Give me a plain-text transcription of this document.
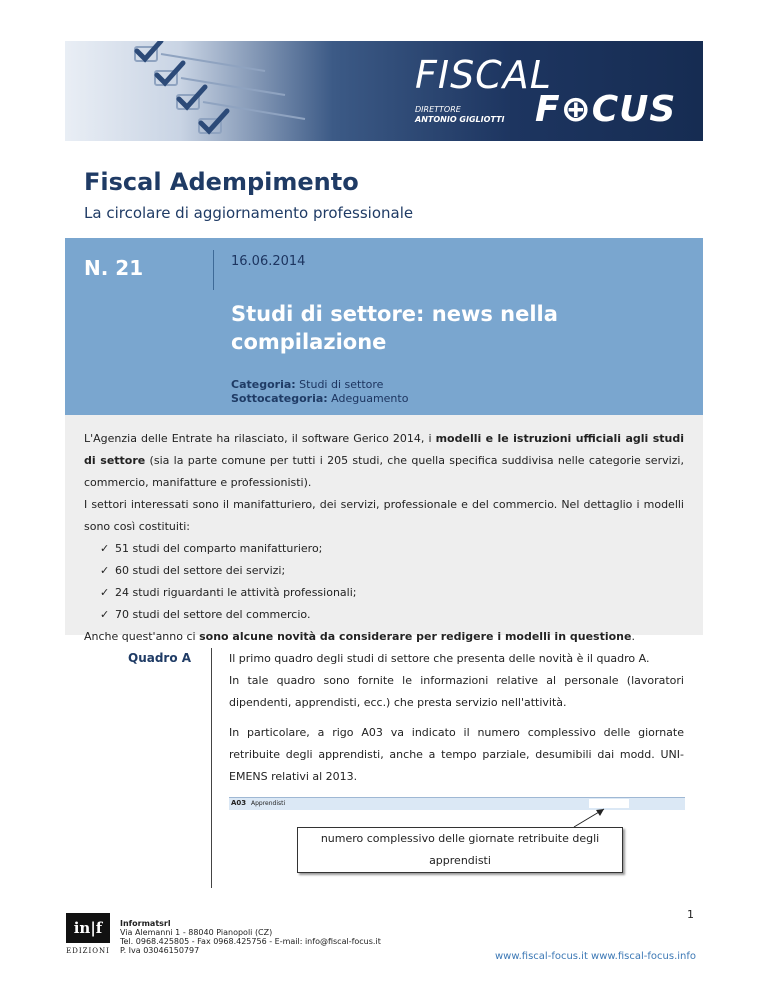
FISCAL
DIRETTORE
ANTONIO GIGLIOTTI F⊕CUS
Fiscal Adempimento
La circolare di aggiornamento professionale
N. 21	16.06.2014
Studi di settore: news nella compilazione
Categoria: Studi di settore
Sottocategoria: Adeguamento

L'Agenzia delle Entrate ha rilasciato, il software Gerico 2014, i modelli e le istruzioni ufficiali agli studi di settore (sia la parte comune per tutti i 205 studi, che quella specifica suddivisa nelle categorie servizi, commercio, manifatture e professionisti).

I settori interessati sono il manifatturiero, dei servizi, professionale e del commercio. Nel dettaglio i modelli sono così costituiti:

✓ 51 studi del comparto manifatturiero;
✓ 60 studi del settore dei servizi;
✓ 24 studi riguardanti le attività professionali;
✓ 70 studi del settore del commercio.

Anche quest'anno ci sono alcune novità da considerare per redigere i modelli in questione.

Quadro A	Il primo quadro degli studi di settore che presenta delle novità è il quadro A.

In tale quadro sono fornite le informazioni relative al personale (lavoratori dipendenti, apprendisti, ecc.) che presta servizio nell'attività.

In particolare, a rigo A03 va indicato il numero complessivo delle giornate retribuite degli apprendisti, anche a tempo parziale, desumibili dai modd. UNI-EMENS relativi al 2013.

A03 Apprendisti
numero complessivo delle giornate retribuite degli apprendisti
in|f
EDIZIONI
Informatsrl
Via Alemanni 1 - 88040 Pianopoli (CZ)
Tel. 0968.425805 - Fax 0968.425756 - E-mail: info@fiscal-focus.it
P. Iva 03046150797
1
www.fiscal-focus.it www.fiscal-focus.info
